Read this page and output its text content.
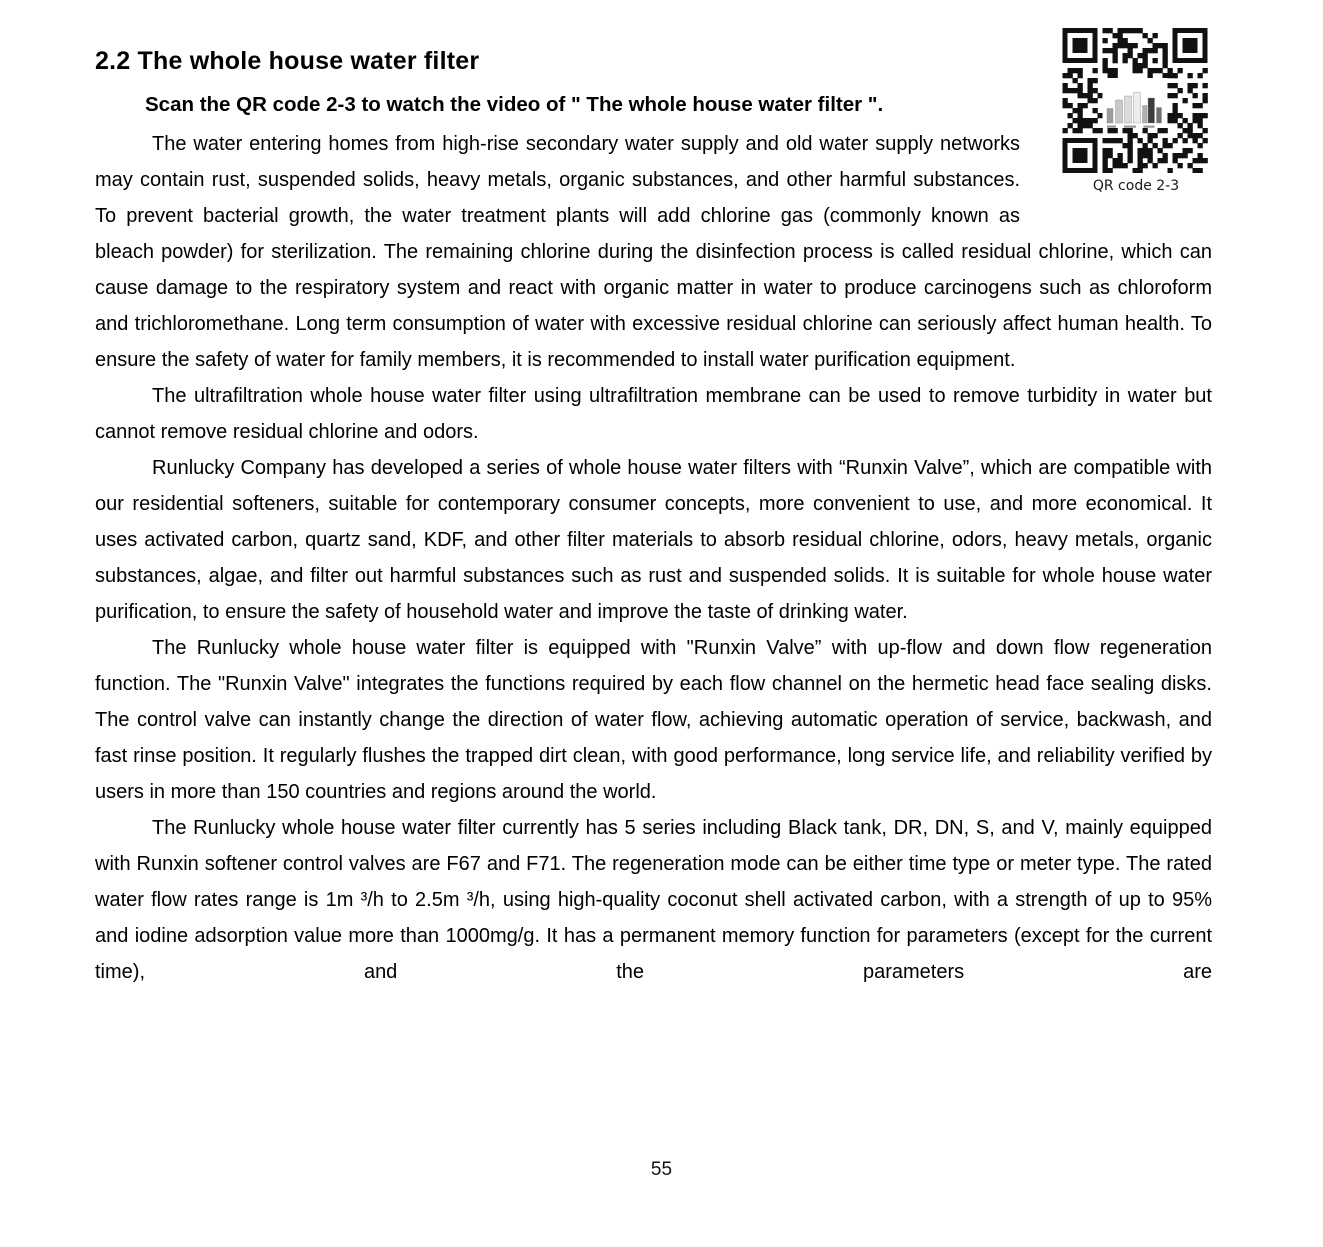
QR code 2-3
2.2 The whole house water filter

Scan the QR code 2-3 to watch the video of " The whole house water filter ".

The water entering homes from high-rise secondary water supply and old water supply networks may contain rust, suspended solids, heavy metals, organic substances, and other harmful substances. To prevent bacterial growth, the water treatment plants will add chlorine gas (commonly known as bleach powder) for sterilization. The remaining chlorine during the disinfection process is called residual chlorine, which can cause damage to the respiratory system and react with organic matter in water to produce carcinogens such as chloroform and trichloromethane. Long term consumption of water with excessive residual chlorine can seriously affect human health. To ensure the safety of water for family members, it is recommended to install water purification equipment.

The ultrafiltration whole house water filter using ultrafiltration membrane can be used to remove turbidity in water but cannot remove residual chlorine and odors.

Runlucky Company has developed a series of whole house water filters with “Runxin Valve”, which are compatible with our residential softeners, suitable for contemporary consumer concepts, more convenient to use, and more economical. It uses activated carbon, quartz sand, KDF, and other filter materials to absorb residual chlorine, odors, heavy metals, organic substances, algae, and filter out harmful substances such as rust and suspended solids. It is suitable for whole house water purification, to ensure the safety of household water and improve the taste of drinking water.

The Runlucky whole house water filter is equipped with "Runxin Valve” with up-flow and down flow regeneration function. The "Runxin Valve" integrates the functions required by each flow channel on the hermetic head face sealing disks. The control valve can instantly change the direction of water flow, achieving automatic operation of service, backwash, and fast rinse position. It regularly flushes the trapped dirt clean, with good performance, long service life, and reliability verified by users in more than 150 countries and regions around the world.

The Runlucky whole house water filter currently has 5 series including Black tank, DR, DN, S, and V, mainly equipped with Runxin softener control valves are F67 and F71. The regeneration mode can be either time type or meter type. The rated water flow rates range is 1m ³/h to 2.5m ³/h, using high-quality coconut shell activated carbon, with a strength of up to 95% and iodine adsorption value more than 1000mg/g. It has a permanent memory function for parameters (except for the current time), and the parameters are

55
